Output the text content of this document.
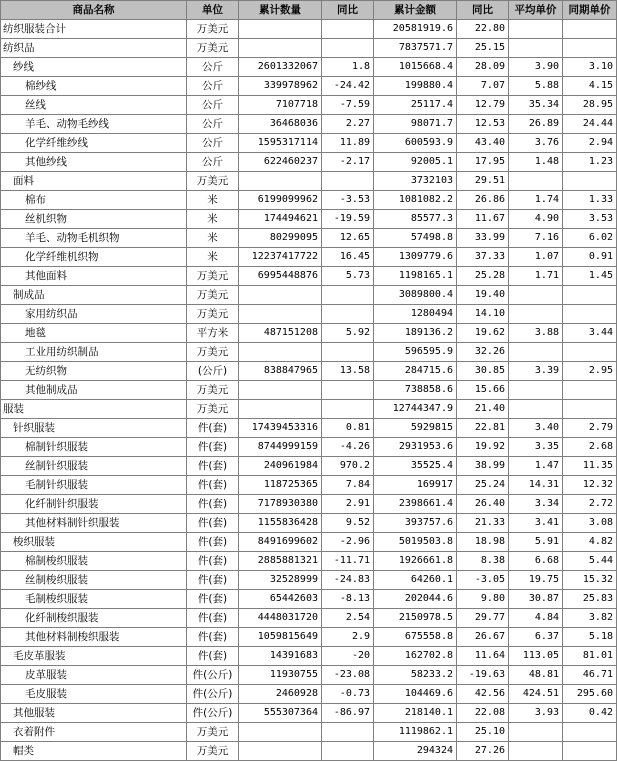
商品名称	单位	累计数量	同比	累计金额	同比	平均单价	同期单价
纺织服装合计	万美元			20581919.6	22.80		
纺织品	万美元			7837571.7	25.15		
纱线	公斤	2601332067	1.8	1015668.4	28.09	3.90	3.10
棉纱线	公斤	339978962	-24.42	199880.4	7.07	5.88	4.15
丝线	公斤	7107718	-7.59	25117.4	12.79	35.34	28.95
羊毛、动物毛纱线	公斤	36468036	2.27	98071.7	12.53	26.89	24.44
化学纤维纱线	公斤	1595317114	11.89	600593.9	43.40	3.76	2.94
其他纱线	公斤	622460237	-2.17	92005.1	17.95	1.48	1.23
面料	万美元			3732103	29.51		
棉布	米	6199099962	-3.53	1081082.2	26.86	1.74	1.33
丝机织物	米	174494621	-19.59	85577.3	11.67	4.90	3.53
羊毛、动物毛机织物	米	80299095	12.65	57498.8	33.99	7.16	6.02
化学纤维机织物	米	12237417722	16.45	1309779.6	37.33	1.07	0.91
其他面料	万美元	6995448876	5.73	1198165.1	25.28	1.71	1.45
制成品	万美元			3089800.4	19.40		
家用纺织品	万美元			1280494	14.10		
地毯	平方米	487151208	5.92	189136.2	19.62	3.88	3.44
工业用纺织制品	万美元			596595.9	32.26		
无纺织物	(公斤)	838847965	13.58	284715.6	30.85	3.39	2.95
其他制成品	万美元			738858.6	15.66		
服装	万美元			12744347.9	21.40		
针织服装	件(套)	17439453316	0.81	5929815	22.81	3.40	2.79
棉制针织服装	件(套)	8744999159	-4.26	2931953.6	19.92	3.35	2.68
丝制针织服装	件(套)	240961984	970.2	35525.4	38.99	1.47	11.35
毛制针织服装	件(套)	118725365	7.84	169917	25.24	14.31	12.32
化纤制针织服装	件(套)	7178930380	2.91	2398661.4	26.40	3.34	2.72
其他材料制针织服装	件(套)	1155836428	9.52	393757.6	21.33	3.41	3.08
梭织服装	件(套)	8491699602	-2.96	5019503.8	18.98	5.91	4.82
棉制梭织服装	件(套)	2885881321	-11.71	1926661.8	8.38	6.68	5.44
丝制梭织服装	件(套)	32528999	-24.83	64260.1	-3.05	19.75	15.32
毛制梭织服装	件(套)	65442603	-8.13	202044.6	9.80	30.87	25.83
化纤制梭织服装	件(套)	4448031720	2.54	2150978.5	29.77	4.84	3.82
其他材料制梭织服装	件(套)	1059815649	2.9	675558.8	26.67	6.37	5.18
毛皮革服装	件(套)	14391683	-20	162702.8	11.64	113.05	81.01
皮革服装	件(公斤)	11930755	-23.08	58233.2	-19.63	48.81	46.71
毛皮服装	件(公斤)	2460928	-0.73	104469.6	42.56	424.51	295.60
其他服装	件(公斤)	555307364	-86.97	218140.1	22.08	3.93	0.42
衣着附件	万美元			1119862.1	25.10		
帽类	万美元			294324	27.26		
